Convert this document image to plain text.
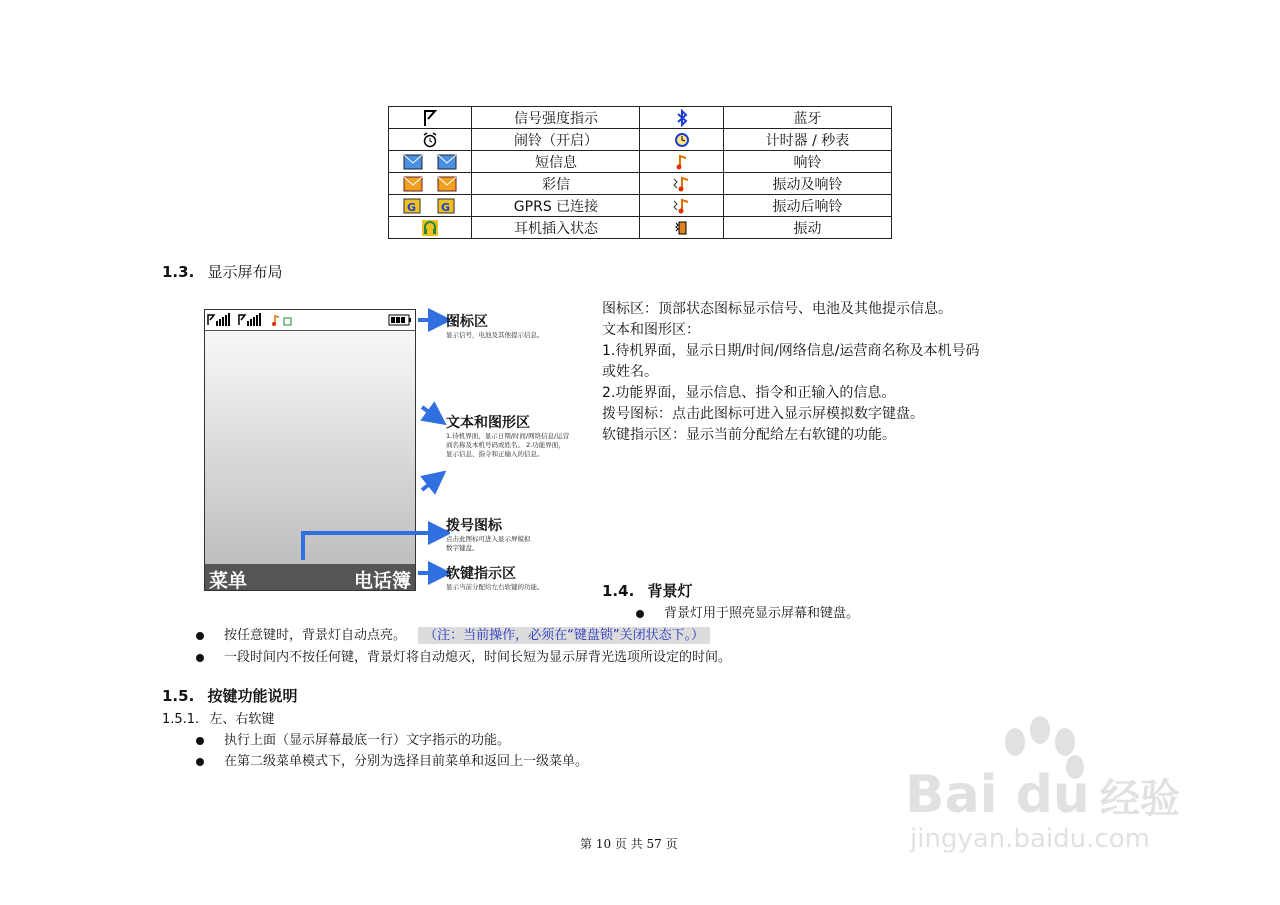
	信号强度指示		蓝牙
	闹铃（开启）		计时器 / 秒表
	短信息		响铃
	彩信		振动及响铃

G G	GPRS 已连接		振动后响铃
	耳机插入状态		振动
1.3. 显示屏布局
菜单	电话簿
图标区
显示信号，电池及其他提示信息。
文本和图形区
1.待机界面，显示日期/时间/网络信息/运营商名称及本机号码或姓名。 2.功能界面，显示信息、指令和正输入的信息。
拨号图标
点击此图标可进入显示屏模拟数字键盘。
软键指示区
显示当前分配给左右软键的功能。
图标区：顶部状态图标显示信号、电池及其他提示信息。
文本和图形区：
1.待机界面，显示日期/时间/网络信息/运营商名称及本机号码
或姓名。
2.功能界面，显示信息、指令和正输入的信息。
拨号图标：点击此图标可进入显示屏模拟数字键盘。
软键指示区：显示当前分配给左右软键的功能。
1.4. 背景灯
背景灯用于照亮显示屏幕和键盘。
按任意键时，背景灯自动点亮。 （注：当前操作，必须在“键盘锁”关闭状态下。）
一段时间内不按任何键，背景灯将自动熄灭，时间长短为显示屏背光选项所设定的时间。
1.5. 按键功能说明
1.5.1. 左、右软键
执行上面（显示屏幕最底一行）文字指示的功能。
在第二级菜单模式下，分别为选择目前菜单和返回上一级菜单。
第 10 页 共 57 页
Bai du 经验
jingyan.baidu.com
